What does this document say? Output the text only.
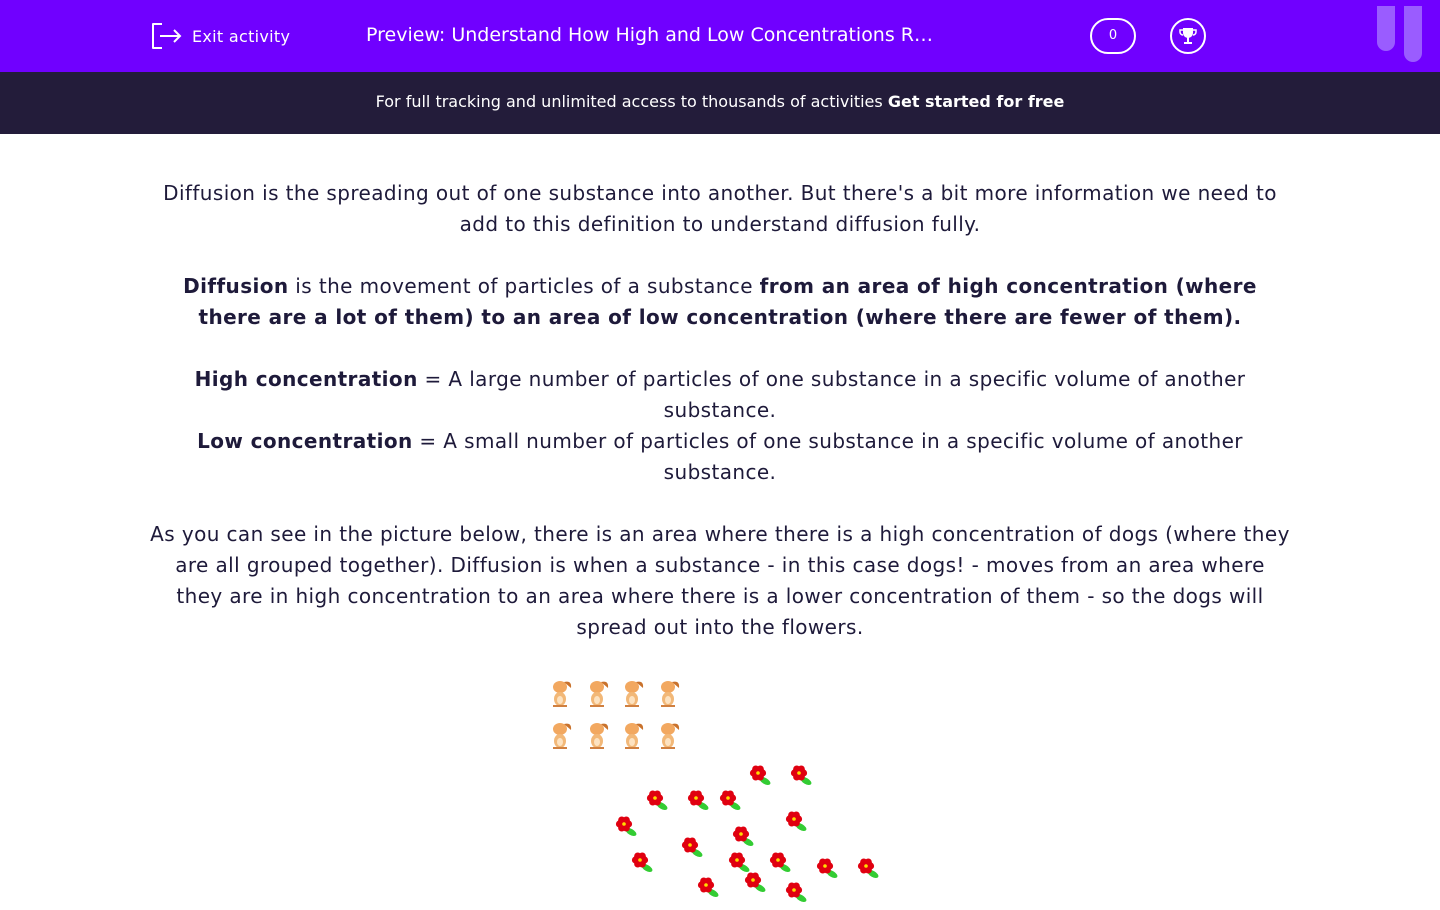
Exit activity	Preview: Understand How High and Low Concentrations R…	0
For full tracking and unlimited access to thousands of activities Get started for free

Diffusion is the spreading out of one substance into another. But there's a bit more information we need to add to this definition to understand diffusion fully.

Diffusion is the movement of particles of a substance from an area of high concentration (where there are a lot of them) to an area of low concentration (where there are fewer of them).

High concentration = A large number of particles of one substance in a specific volume of another substance.

Low concentration = A small number of particles of one substance in a specific volume of another substance.

As you can see in the picture below, there is an area where there is a high concentration of dogs (where they are all grouped together). Diffusion is when a substance - in this case dogs! - moves from an area where they are in high concentration to an area where there is a lower concentration of them - so the dogs will spread out into the flowers.
